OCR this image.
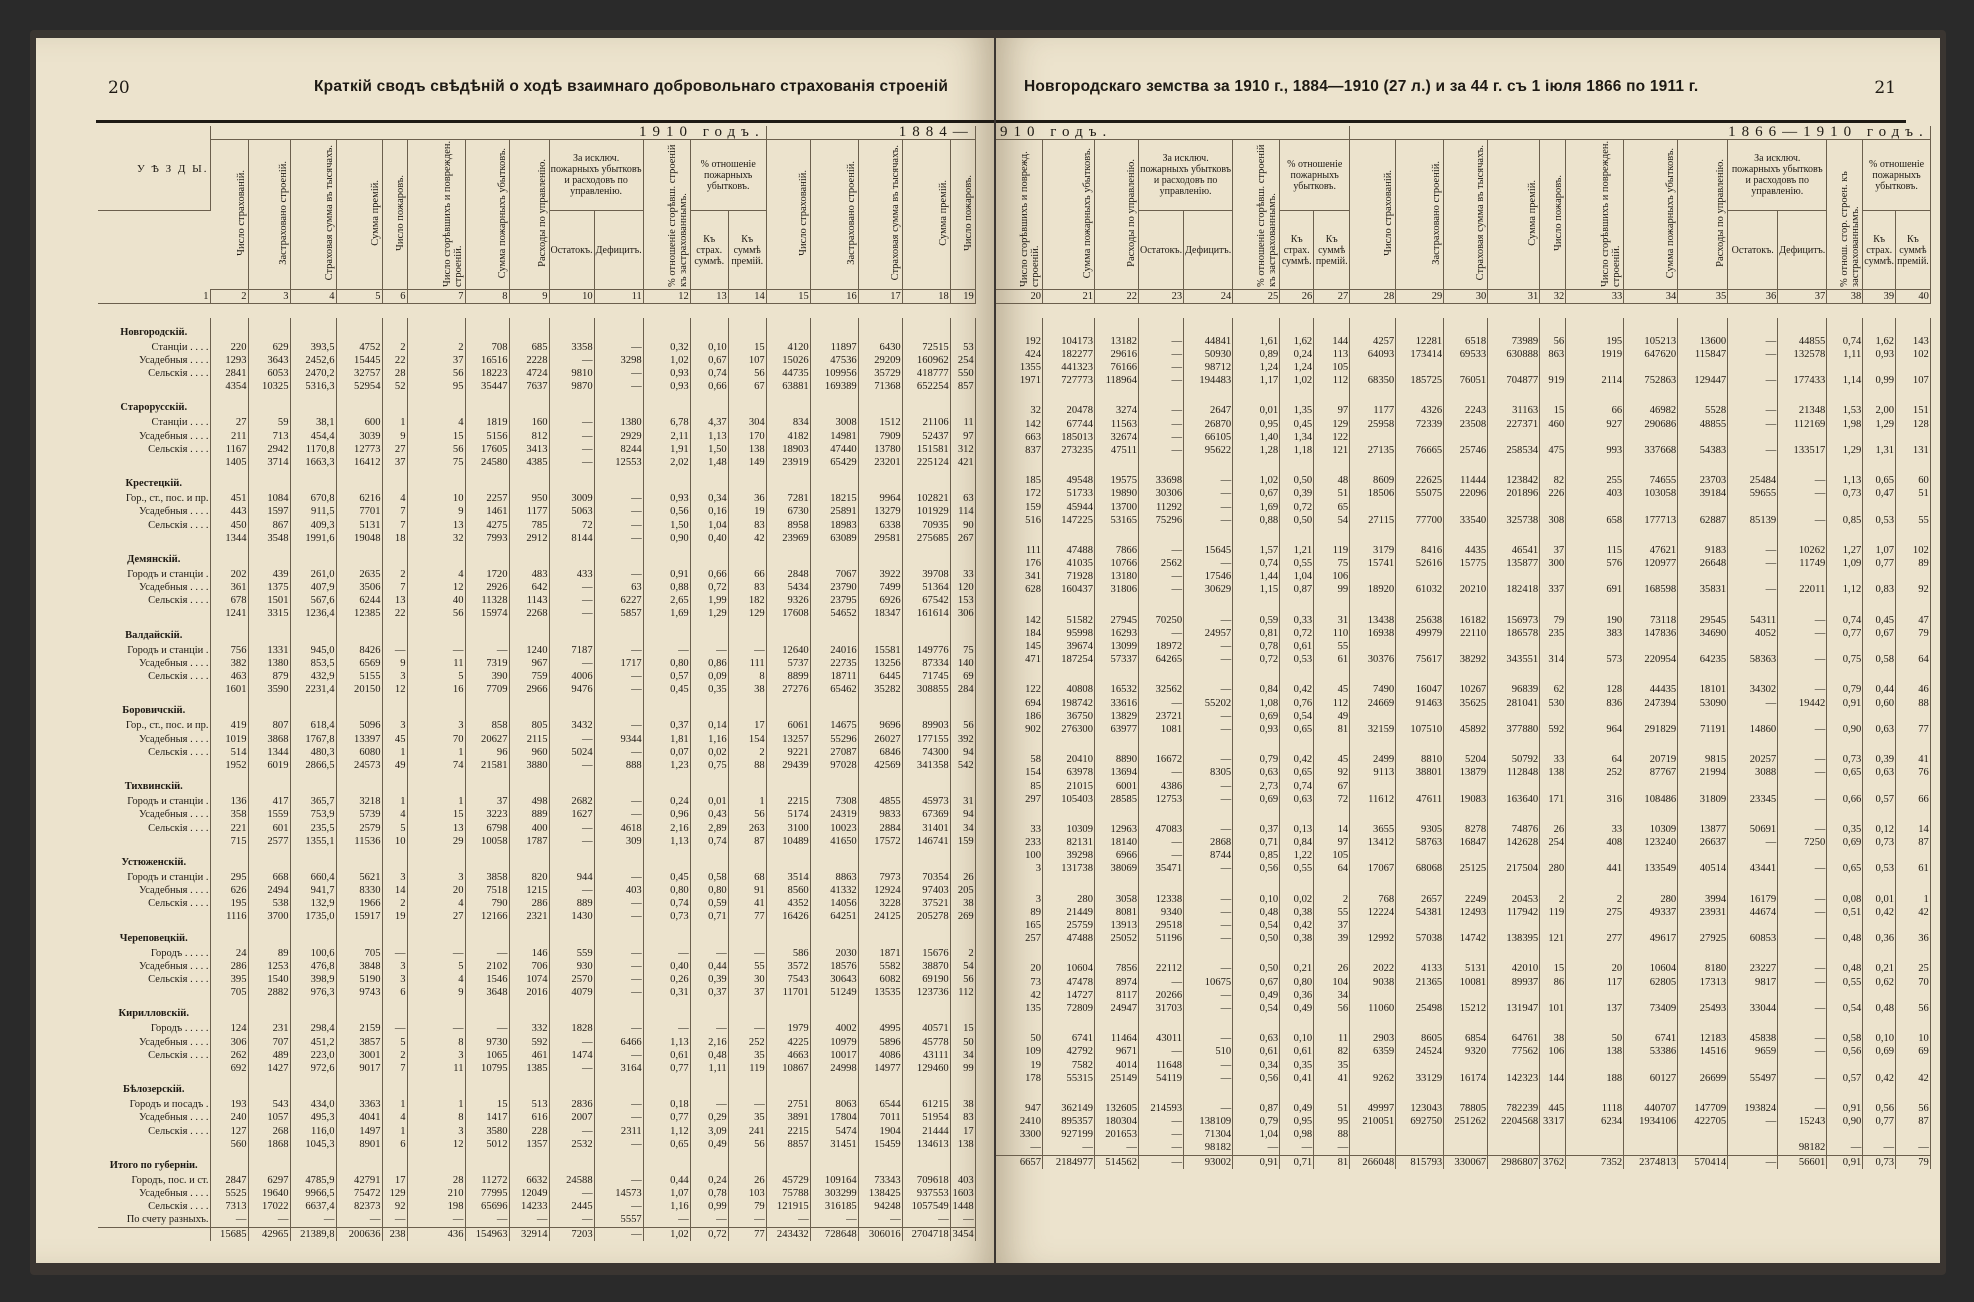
20	Краткій сводъ свѣдѣній о ходѣ взаимнаго добровольнаго страхованія строеній
У Ѣ З Д Ы.	1910 годъ.													1884—				
	Число страхованій.	Застраховано строеній.	Страховая сумма въ тысячахъ.	Сумма премій.	Число пожаровъ.	Число сгорѣвшихъ и поврежден. строеній.	Сумма пожарныхъ убытковъ.	Расходы по управленію.	За исключ. пожарныхъ убытковъ и расходовъ по управленію.		% отношеніе сгорѣвш. строеній къ застрахованнымъ.	% отношеніе пожарныхъ убытковъ.		Число страхованій.	Застраховано строеній.	Страховая сумма въ тысячахъ.	Сумма премій.	Число пожаровъ.

									Остатокъ.	Дефицитъ.		Къ страх. суммѣ.	Къ суммѣ премій.					

1	2	3	4	5	6	7	8	9	10	11	12	13	14	15	16	17	18	19

Новгородскій.																		
Станціи . . . .	220	629	393,5	4752	2	2	708	685	3358	—	0,32	0,10	15	4120	11897	6430	72515	53
Усадебныя . . . .	1293	3643	2452,6	15445	22	37	16516	2228	—	3298	1,02	0,67	107	15026	47536	29209	160962	254
Сельскія . . . .	2841	6053	2470,2	32757	28	56	18223	4724	9810	—	0,93	0,74	56	44735	109956	35729	418777	550
	4354	10325	5316,3	52954	52	95	35447	7637	9870	—	0,93	0,66	67	63881	169389	71368	652254	857
Старорусскій.																		
Станціи . . . .	27	59	38,1	600	1	4	1819	160	—	1380	6,78	4,37	304	834	3008	1512	21106	11
Усадебныя . . . .	211	713	454,4	3039	9	15	5156	812	—	2929	2,11	1,13	170	4182	14981	7909	52437	97
Сельскія . . . .	1167	2942	1170,8	12773	27	56	17605	3413	—	8244	1,91	1,50	138	18903	47440	13780	151581	312
	1405	3714	1663,3	16412	37	75	24580	4385	—	12553	2,02	1,48	149	23919	65429	23201	225124	421
Крестецкій.																		
Гор., ст., пос. и пр.	451	1084	670,8	6216	4	10	2257	950	3009	—	0,93	0,34	36	7281	18215	9964	102821	63
Усадебныя . . . .	443	1597	911,5	7701	7	9	1461	1177	5063	—	0,56	0,16	19	6730	25891	13279	101929	114
Сельскія . . . .	450	867	409,3	5131	7	13	4275	785	72	—	1,50	1,04	83	8958	18983	6338	70935	90
	1344	3548	1991,6	19048	18	32	7993	2912	8144	—	0,90	0,40	42	23969	63089	29581	275685	267
Демянскій.																		
Городъ и станціи .	202	439	261,0	2635	2	4	1720	483	433	—	0,91	0,66	66	2848	7067	3922	39708	33
Усадебныя . . . .	361	1375	407,9	3506	7	12	2926	642	—	63	0,88	0,72	83	5434	23790	7499	51364	120
Сельскія . . . .	678	1501	567,6	6244	13	40	11328	1143	—	6227	2,65	1,99	182	9326	23795	6926	67542	153
	1241	3315	1236,4	12385	22	56	15974	2268	—	5857	1,69	1,29	129	17608	54652	18347	161614	306
Валдайскій.																		
Городъ и станціи .	756	1331	945,0	8426	—	—	—	1240	7187	—	—	—	—	12640	24016	15581	149776	75
Усадебныя . . . .	382	1380	853,5	6569	9	11	7319	967	—	1717	0,80	0,86	111	5737	22735	13256	87334	140
Сельскія . . . .	463	879	432,9	5155	3	5	390	759	4006	—	0,57	0,09	8	8899	18711	6445	71745	69
	1601	3590	2231,4	20150	12	16	7709	2966	9476	—	0,45	0,35	38	27276	65462	35282	308855	284
Боровичскій.																		
Гор., ст., пос. и пр.	419	807	618,4	5096	3	3	858	805	3432	—	0,37	0,14	17	6061	14675	9696	89903	56
Усадебныя . . . .	1019	3868	1767,8	13397	45	70	20627	2115	—	9344	1,81	1,16	154	13257	55296	26027	177155	392
Сельскія . . . .	514	1344	480,3	6080	1	1	96	960	5024	—	0,07	0,02	2	9221	27087	6846	74300	94
	1952	6019	2866,5	24573	49	74	21581	3880	—	888	1,23	0,75	88	29439	97028	42569	341358	542
Тихвинскій.																		
Городъ и станціи .	136	417	365,7	3218	1	1	37	498	2682	—	0,24	0,01	1	2215	7308	4855	45973	31
Усадебныя . . . .	358	1559	753,9	5739	4	15	3223	889	1627	—	0,96	0,43	56	5174	24319	9833	67369	94
Сельскія . . . .	221	601	235,5	2579	5	13	6798	400	—	4618	2,16	2,89	263	3100	10023	2884	31401	34
	715	2577	1355,1	11536	10	29	10058	1787	—	309	1,13	0,74	87	10489	41650	17572	146741	159
Устюженскій.																		
Городъ и станціи .	295	668	660,4	5621	3	3	3858	820	944	—	0,45	0,58	68	3514	8863	7973	70354	26
Усадебныя . . . .	626	2494	941,7	8330	14	20	7518	1215	—	403	0,80	0,80	91	8560	41332	12924	97403	205
Сельскія . . . .	195	538	132,9	1966	2	4	790	286	889	—	0,74	0,59	41	4352	14056	3228	37521	38
	1116	3700	1735,0	15917	19	27	12166	2321	1430	—	0,73	0,71	77	16426	64251	24125	205278	269
Череповецкій.																		
Городъ . . . . .	24	89	100,6	705	—	—	—	146	559	—	—	—	—	586	2030	1871	15676	2
Усадебныя . . . .	286	1253	476,8	3848	3	5	2102	706	930	—	0,40	0,44	55	3572	18576	5582	38870	54
Сельскія . . . .	395	1540	398,9	5190	3	4	1546	1074	2570	—	0,26	0,39	30	7543	30643	6082	69190	56
	705	2882	976,3	9743	6	9	3648	2016	4079	—	0,31	0,37	37	11701	51249	13535	123736	112
Кирилловскій.																		
Городъ . . . . .	124	231	298,4	2159	—	—	—	332	1828	—	—	—	—	1979	4002	4995	40571	15
Усадебныя . . . .	306	707	451,2	3857	5	8	9730	592	—	6466	1,13	2,16	252	4225	10979	5896	45778	50
Сельскія . . . .	262	489	223,0	3001	2	3	1065	461	1474	—	0,61	0,48	35	4663	10017	4086	43111	34
	692	1427	972,6	9017	7	11	10795	1385	—	3164	0,77	1,11	119	10867	24998	14977	129460	99
Бѣлозерскій.																		
Городъ и посадъ .	193	543	434,0	3363	1	1	15	513	2836	—	0,18	—	—	2751	8063	6544	61215	38
Усадебныя . . . .	240	1057	495,3	4041	4	8	1417	616	2007	—	0,77	0,29	35	3891	17804	7011	51954	83
Сельскія . . . .	127	268	116,0	1497	1	3	3580	228	—	2311	1,12	3,09	241	2215	5474	1904	21444	17
	560	1868	1045,3	8901	6	12	5012	1357	2532	—	0,65	0,49	56	8857	31451	15459	134613	138
Итого по губерніи.																		
Городъ, пос. и ст.	2847	6297	4785,9	42791	17	28	11272	6632	24588	—	0,44	0,24	26	45729	109164	73343	709618	403
Усадебныя . . . .	5525	19640	9966,5	75472	129	210	77995	12049	—	14573	1,07	0,78	103	75788	303299	138425	937553	1603
Сельскія . . . .	7313	17022	6637,4	82373	92	198	65696	14233	2445	—	1,16	0,99	79	121915	316185	94248	1057549	1448
По счету разныхъ.	—	—	—	—	—	—	—	—	—	5557	—	—	—	—	—	—	—	—
	15685	42965	21389,8	200636	238	436	154963	32914	7203	—	1,02	0,72	77	243432	728648	306016	2704718	3454
21
Новгородскаго земства за 1910 г., 1884—1910 (27 л.) и за 44 г. съ 1 іюля 1866 по 1911 г.
910 годъ.								1866—1910 годъ.												
Число сгорѣвшихъ и поврежд. строеній.	Сумма пожарныхъ убытковъ.	Расходы по управленію.	За исключ. пожарныхъ убытковъ и расходовъ по управленію.		% отношеніе сгорѣвш. строеній къ застрахованнымъ.	% отношеніе пожарныхъ убытковъ.		Число страхованій.	Застраховано строеній.	Страховая сумма въ тысячахъ.	Сумма премій.	Число пожаровъ.	Число сгорѣвшихъ и поврежден. строеній.	Сумма пожарныхъ убытковъ.	Расходы по управленію.	За исключ. пожарныхъ убытковъ и расходовъ по управленію.		% отнош. сгор. строен. къ застрахованнымъ.	% отношеніе пожарныхъ убытковъ.	

			Остатокъ.	Дефицитъ.		Къ страх. суммѣ.	Къ суммѣ премій.									Остатокъ.	Дефицитъ.		Къ страх. суммѣ.	Къ суммѣ премій.

20	21	22	23	24	25	26	27	28	29	30	31	32	33	34	35	36	37	38	39	40

192	104173	13182	—	44841	1,61	1,62	144	4257	12281	6518	73989	56	195	105213	13600	—	44855	0,74	1,62	143
424	182277	29616	—	50930	0,89	0,24	113	64093	173414	69533	630888	863	1919	647620	115847	—	132578	1,11	0,93	102
1355	441323	76166	—	98712	1,24	1,24	105													
1971	727773	118964	—	194483	1,17	1,02	112	68350	185725	76051	704877	919	2114	752863	129447	—	177433	1,14	0,99	107

32	20478	3274	—	2647	0,01	1,35	97	1177	4326	2243	31163	15	66	46982	5528	—	21348	1,53	2,00	151
142	67744	11563	—	26870	0,95	0,45	129	25958	72339	23508	227371	460	927	290686	48855	—	112169	1,98	1,29	128
663	185013	32674	—	66105	1,40	1,34	122													
837	273235	47511	—	95622	1,28	1,18	121	27135	76665	25746	258534	475	993	337668	54383	—	133517	1,29	1,31	131

185	49548	19575	33698	—	1,02	0,50	48	8609	22625	11444	123842	82	255	74655	23703	25484	—	1,13	0,65	60
172	51733	19890	30306	—	0,67	0,39	51	18506	55075	22096	201896	226	403	103058	39184	59655	—	0,73	0,47	51
159	45944	13700	11292	—	1,69	0,72	65													
516	147225	53165	75296	—	0,88	0,50	54	27115	77700	33540	325738	308	658	177713	62887	85139	—	0,85	0,53	55

111	47488	7866	—	15645	1,57	1,21	119	3179	8416	4435	46541	37	115	47621	9183	—	10262	1,27	1,07	102
176	41035	10766	2562	—	0,74	0,55	75	15741	52616	15775	135877	300	576	120977	26648	—	11749	1,09	0,77	89
341	71928	13180	—	17546	1,44	1,04	106													
628	160437	31806	—	30629	1,15	0,87	99	18920	61032	20210	182418	337	691	168598	35831	—	22011	1,12	0,83	92

142	51582	27945	70250	—	0,59	0,33	31	13438	25638	16182	156973	79	190	73118	29545	54311	—	0,74	0,45	47
184	95998	16293	—	24957	0,81	0,72	110	16938	49979	22110	186578	235	383	147836	34690	4052	—	0,77	0,67	79
145	39674	13099	18972	—	0,78	0,61	55													
471	187254	57337	64265	—	0,72	0,53	61	30376	75617	38292	343551	314	573	220954	64235	58363	—	0,75	0,58	64

122	40808	16532	32562	—	0,84	0,42	45	7490	16047	10267	96839	62	128	44435	18101	34302	—	0,79	0,44	46
694	198742	33616	—	55202	1,08	0,76	112	24669	91463	35625	281041	530	836	247394	53090	—	19442	0,91	0,60	88
186	36750	13829	23721	—	0,69	0,54	49													
902	276300	63977	1081	—	0,93	0,65	81	32159	107510	45892	377880	592	964	291829	71191	14860	—	0,90	0,63	77

58	20410	8890	16672	—	0,79	0,42	45	2499	8810	5204	50792	33	64	20719	9815	20257	—	0,73	0,39	41
154	63978	13694	—	8305	0,63	0,65	92	9113	38801	13879	112848	138	252	87767	21994	3088	—	0,65	0,63	76
85	21015	6001	4386	—	2,73	0,74	67													
297	105403	28585	12753	—	0,69	0,63	72	11612	47611	19083	163640	171	316	108486	31809	23345	—	0,66	0,57	66

33	10309	12963	47083	—	0,37	0,13	14	3655	9305	8278	74876	26	33	10309	13877	50691	—	0,35	0,12	14
233	82131	18140	—	2868	0,71	0,84	97	13412	58763	16847	142628	254	408	123240	26637	—	7250	0,69	0,73	87
100	39298	6966	—	8744	0,85	1,22	105													
3	131738	38069	35471	—	0,56	0,55	64	17067	68068	25125	217504	280	441	133549	40514	43441	—	0,65	0,53	61

3	280	3058	12338	—	0,10	0,02	2	768	2657	2249	20453	2	2	280	3994	16179	—	0,08	0,01	1
89	21449	8081	9340	—	0,48	0,38	55	12224	54381	12493	117942	119	275	49337	23931	44674	—	0,51	0,42	42
165	25759	13913	29518	—	0,54	0,42	37													
257	47488	25052	51196	—	0,50	0,38	39	12992	57038	14742	138395	121	277	49617	27925	60853	—	0,48	0,36	36

20	10604	7856	22112	—	0,50	0,21	26	2022	4133	5131	42010	15	20	10604	8180	23227	—	0,48	0,21	25
73	47478	8974	—	10675	0,67	0,80	104	9038	21365	10081	89937	86	117	62805	17313	9817	—	0,55	0,62	70
42	14727	8117	20266	—	0,49	0,36	34													
135	72809	24947	31703	—	0,54	0,49	56	11060	25498	15212	131947	101	137	73409	25493	33044	—	0,54	0,48	56

50	6741	11464	43011	—	0,63	0,10	11	2903	8605	6854	64761	38	50	6741	12183	45838	—	0,58	0,10	10
109	42792	9671	—	510	0,61	0,61	82	6359	24524	9320	77562	106	138	53386	14516	9659	—	0,56	0,69	69
19	7582	4014	11648	—	0,34	0,35	35													
178	55315	25149	54119	—	0,56	0,41	41	9262	33129	16174	142323	144	188	60127	26699	55497	—	0,57	0,42	42

947	362149	132605	214593	—	0,87	0,49	51	49997	123043	78805	782239	445	1118	440707	147709	193824	—	0,91	0,56	56
2410	895357	180304	—	138109	0,79	0,95	95	210051	692750	251262	2204568	3317	6234	1934106	422705	—	15243	0,90	0,77	87
3300	927199	201653	—	71304	1,04	0,98	88													
—	—	—	—	98182	—	—	—										98182	—	—	—
6657	2184977	514562	—	93002	0,91	0,71	81	266048	815793	330067	2986807	3762	7352	2374813	570414	—	56601	0,91	0,73	79
